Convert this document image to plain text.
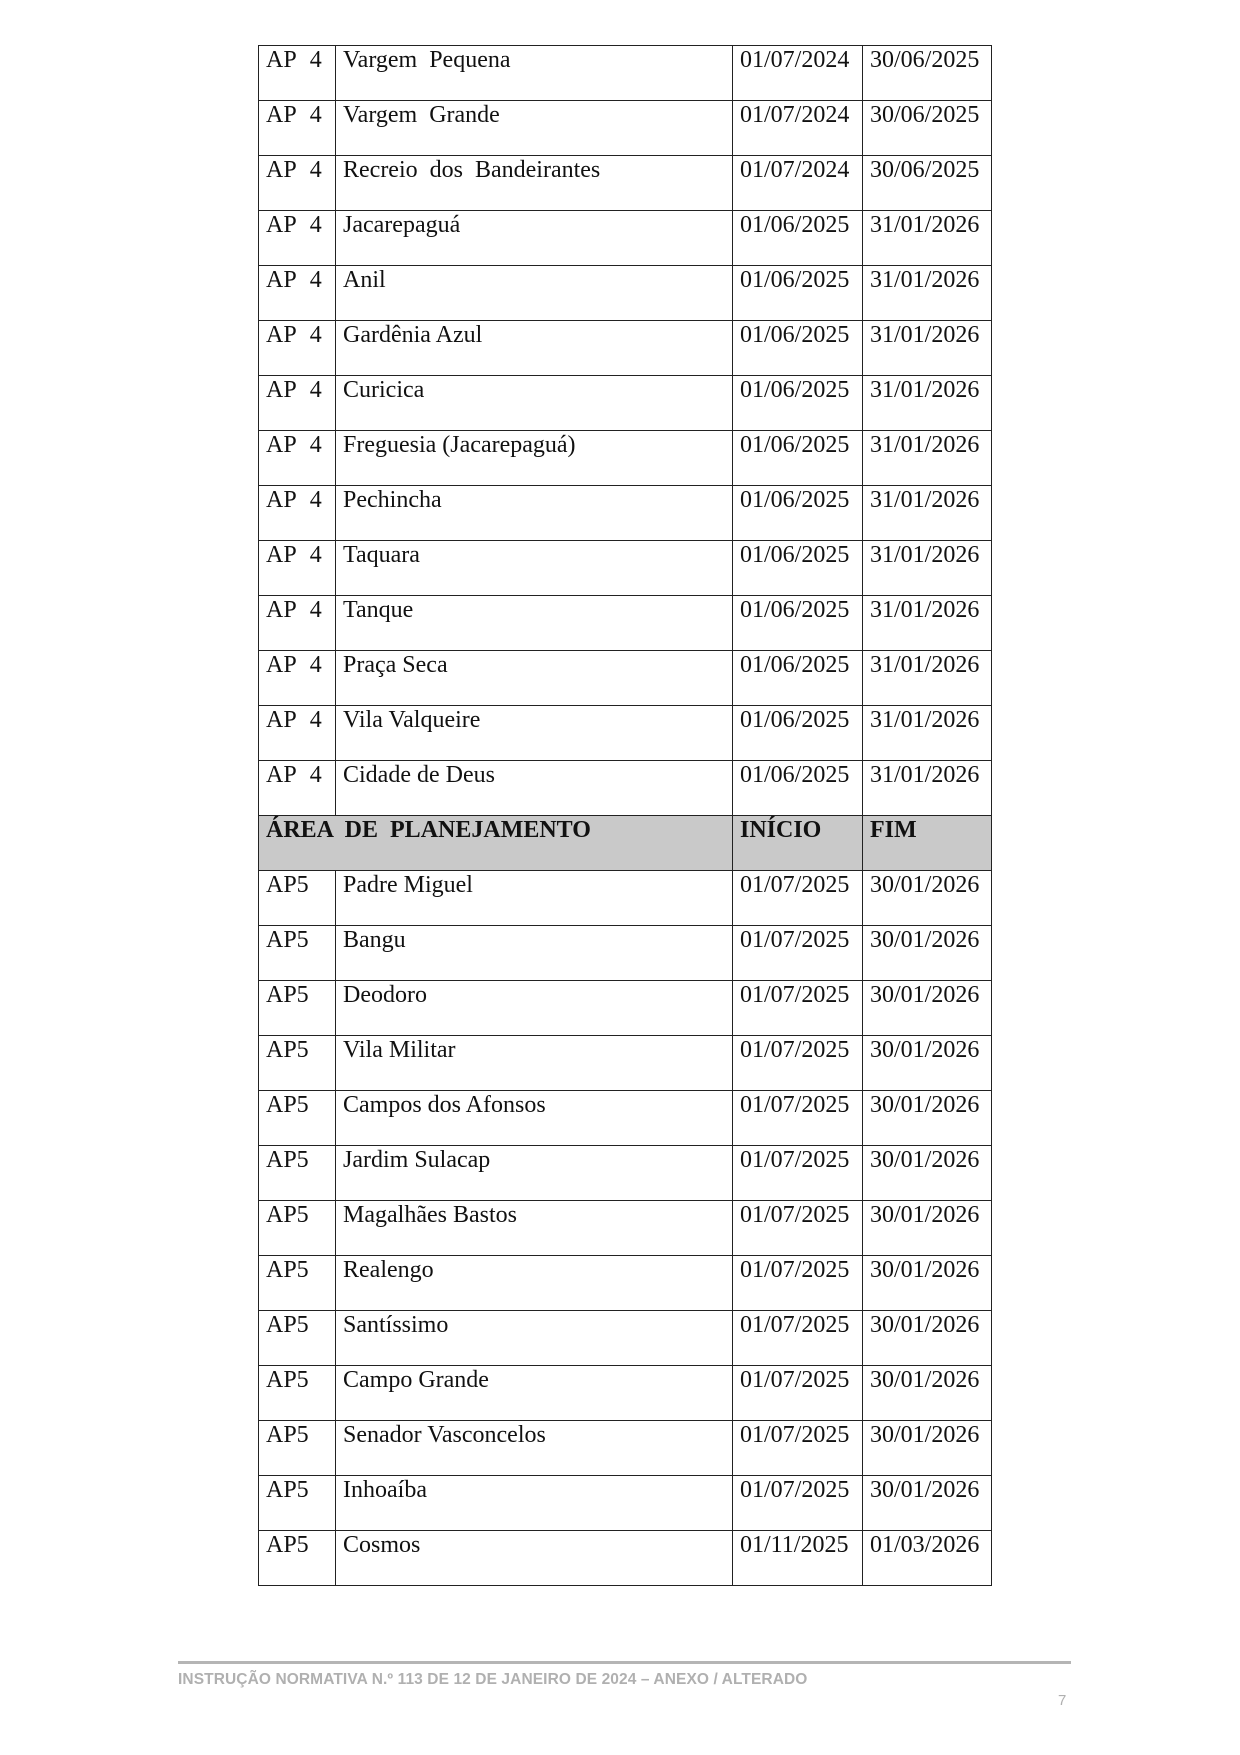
AP 4	Vargem Pequena	01/07/2024	30/06/2025

AP 4	Vargem Grande	01/07/2024	30/06/2025

AP 4	Recreio dos Bandeirantes	01/07/2024	30/06/2025

AP 4	Jacarepaguá	01/06/2025	31/01/2026

AP 4	Anil	01/06/2025	31/01/2026

AP 4	Gardênia Azul	01/06/2025	31/01/2026

AP 4	Curicica	01/06/2025	31/01/2026

AP 4	Freguesia (Jacarepaguá)	01/06/2025	31/01/2026

AP 4	Pechincha	01/06/2025	31/01/2026

AP 4	Taquara	01/06/2025	31/01/2026

AP 4	Tanque	01/06/2025	31/01/2026

AP 4	Praça Seca	01/06/2025	31/01/2026

AP 4	Vila Valqueire	01/06/2025	31/01/2026

AP 4	Cidade de Deus	01/06/2025	31/01/2026

ÁREA DE PLANEJAMENTO		INÍCIO	FIM

AP5	Padre Miguel	01/07/2025	30/01/2026

AP5	Bangu	01/07/2025	30/01/2026

AP5	Deodoro	01/07/2025	30/01/2026

AP5	Vila Militar	01/07/2025	30/01/2026

AP5	Campos dos Afonsos	01/07/2025	30/01/2026

AP5	Jardim Sulacap	01/07/2025	30/01/2026

AP5	Magalhães Bastos	01/07/2025	30/01/2026

AP5	Realengo	01/07/2025	30/01/2026

AP5	Santíssimo	01/07/2025	30/01/2026

AP5	Campo Grande	01/07/2025	30/01/2026

AP5	Senador Vasconcelos	01/07/2025	30/01/2026

AP5	Inhoaíba	01/07/2025	30/01/2026

AP5	Cosmos	01/11/2025	01/03/2026
INSTRUÇÃO NORMATIVA N.º 113 DE 12 DE JANEIRO DE 2024 – ANEXO / ALTERADO
7
